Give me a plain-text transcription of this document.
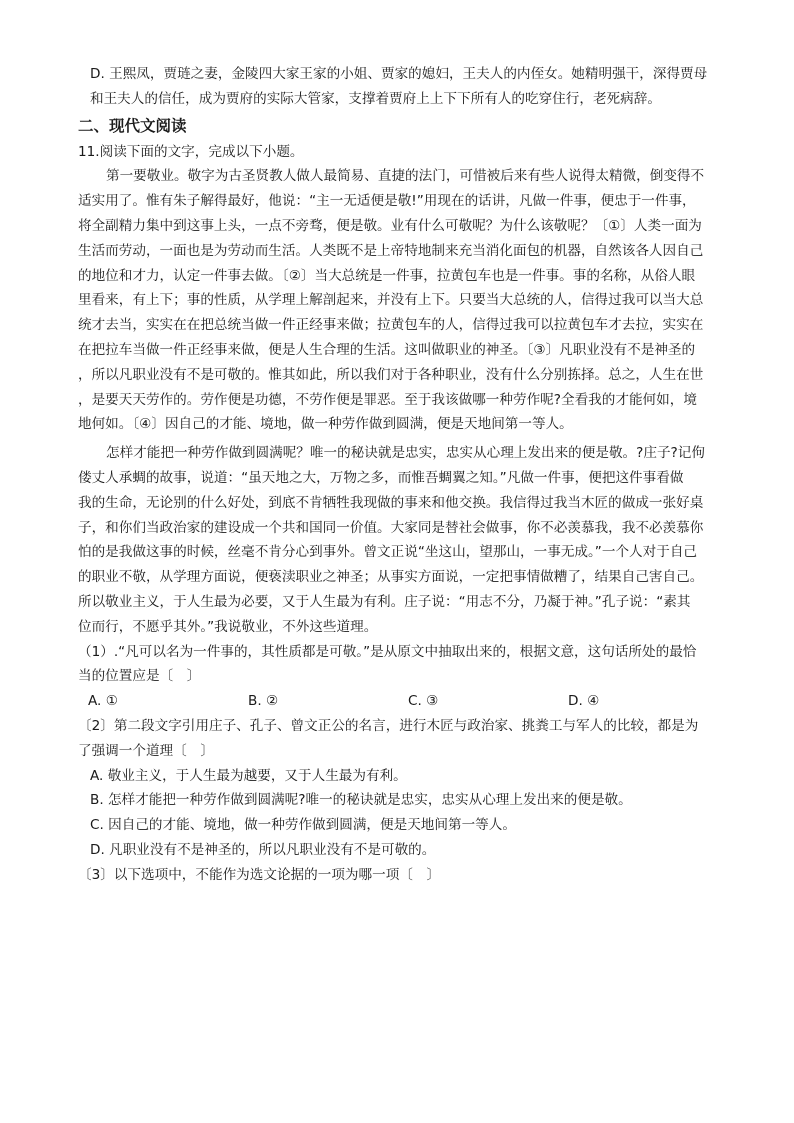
D. 王熙凤，贾琏之妻，金陵四大家王家的小姐、贾家的媳妇，王夫人的内侄女。她精明强干，深得贾母
和王夫人的信任，成为贾府的实际大管家，支撑着贾府上上下下所有人的吃穿住行，老死病辞。
二、现代文阅读
11.阅读下面的文字，完成以下小题。
第一要敬业。敬字为古圣贤教人做人最简易、直捷的法门，可惜被后来有些人说得太精微，倒变得不
适实用了。惟有朱子解得最好，他说：“主一无适便是敬!”用现在的话讲，凡做一件事，便忠于一件事，
将全副精力集中到这事上头，一点不旁骛，便是敬。业有什么可敬呢？为什么该敬呢？〔①〕人类一面为
生活而劳动，一面也是为劳动而生活。人类既不是上帝特地制来充当消化面包的机器，自然该各人因自己
的地位和才力，认定一件事去做。〔②〕当大总统是一件事，拉黄包车也是一件事。事的名称，从俗人眼
里看来，有上下；事的性质，从学理上解剖起来，并没有上下。只要当大总统的人，信得过我可以当大总
统才去当，实实在在把总统当做一件正经事来做；拉黄包车的人，信得过我可以拉黄包车才去拉，实实在
在把拉车当做一件正经事来做，便是人生合理的生活。这叫做职业的神圣。〔③〕凡职业没有不是神圣的
，所以凡职业没有不是可敬的。惟其如此，所以我们对于各种职业，没有什么分别拣择。总之，人生在世
，是要天天劳作的。劳作便是功德，不劳作便是罪恶。至于我该做哪一种劳作呢?全看我的才能何如，境
地何如。〔④〕因自己的才能、境地，做一种劳作做到圆满，便是天地间第一等人。
怎样才能把一种劳作做到圆满呢？唯一的秘诀就是忠实，忠实从心理上发出来的便是敬。?庄子?记佝
偻丈人承蜩的故事，说道：“虽天地之大，万物之多，而惟吾蜩翼之知。”凡做一件事，便把这件事看做
我的生命，无论别的什么好处，到底不肯牺牲我现做的事来和他交换。我信得过我当木匠的做成一张好桌
子，和你们当政治家的建设成一个共和国同一价值。大家同是替社会做事，你不必羡慕我，我不必羡慕你
怕的是我做这事的时候，丝毫不肯分心到事外。曾文正说“坐这山，望那山，一事无成。”一个人对于自己
的职业不敬，从学理方面说，便亵渎职业之神圣；从事实方面说，一定把事情做糟了，结果自己害自己。
所以敬业主义，于人生最为必要，又于人生最为有利。庄子说：“用志不分，乃凝于神。”孔子说：“素其
位而行，不愿乎其外。”我说敬业，不外这些道理。
（1）.“凡可以名为一件事的，其性质都是可敬。”是从原文中抽取出来的，根据文意，这句话所处的最恰
当的位置应是〔　〕
A. ①	B. ②	C. ③	D. ④
〔2〕第二段文字引用庄子、孔子、曾文正公的名言，进行木匠与政治家、挑粪工与军人的比较，都是为
了强调一个道理〔　〕
A. 敬业主义，于人生最为越要，又于人生最为有利。
B. 怎样才能把一种劳作做到圆满呢?唯一的秘诀就是忠实，忠实从心理上发出来的便是敬。
C. 因自己的才能、境地，做一种劳作做到圆满，便是天地间第一等人。
D. 凡职业没有不是神圣的，所以凡职业没有不是可敬的。
〔3〕以下选项中，不能作为选文论据的一项为哪一项〔　〕
